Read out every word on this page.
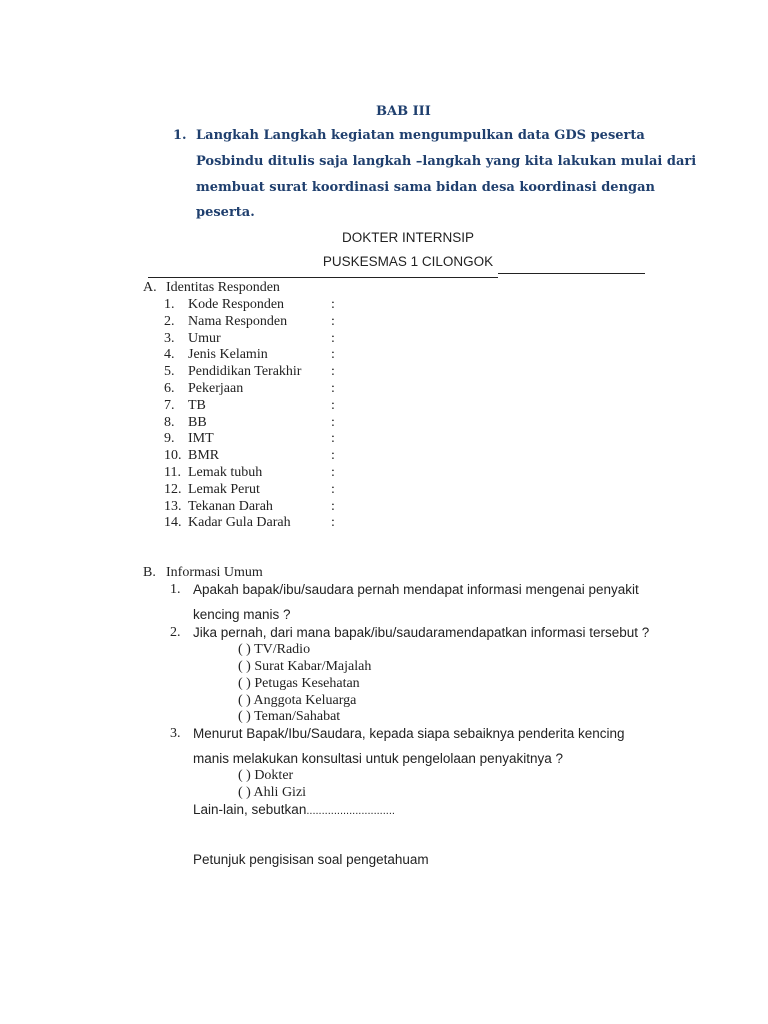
BAB III
1. Langkah Langkah kegiatan mengumpulkan data GDS peserta
Posbindu ditulis saja langkah –langkah yang kita lakukan mulai dari
membuat surat koordinasi sama bidan desa koordinasi dengan
peserta.
DOKTER INTERNSIP
PUSKESMAS 1 CILONGOK
A. Identitas Responden
1. Kode Responden	:
2. Nama Responden	:
3. Umur	:
4. Jenis Kelamin	:
5. Pendidikan Terakhir :
6. Pekerjaan	:
7. TB	:
8. BB	:
9. IMT	:
10. BMR	:
11. Lemak tubuh	:
12. Lemak Perut	:
13. Tekanan Darah	:
14. Kadar Gula Darah	:
B. Informasi Umum
1. Apakah bapak/ibu/saudara pernah mendapat informasi mengenai penyakit
kencing manis ?
2. Jika pernah, dari mana bapak/ibu/saudaramendapatkan informasi tersebut ?
( ) TV/Radio
( ) Surat Kabar/Majalah
( ) Petugas Kesehatan
( ) Anggota Keluarga
( ) Teman/Sahabat
3. Menurut Bapak/Ibu/Saudara, kepada siapa sebaiknya penderita kencing
manis melakukan konsultasi untuk pengelolaan penyakitnya ?
( ) Dokter
( ) Ahli Gizi
Lain-lain, sebutkan.............................
Petunjuk pengisisan soal pengetahuam
